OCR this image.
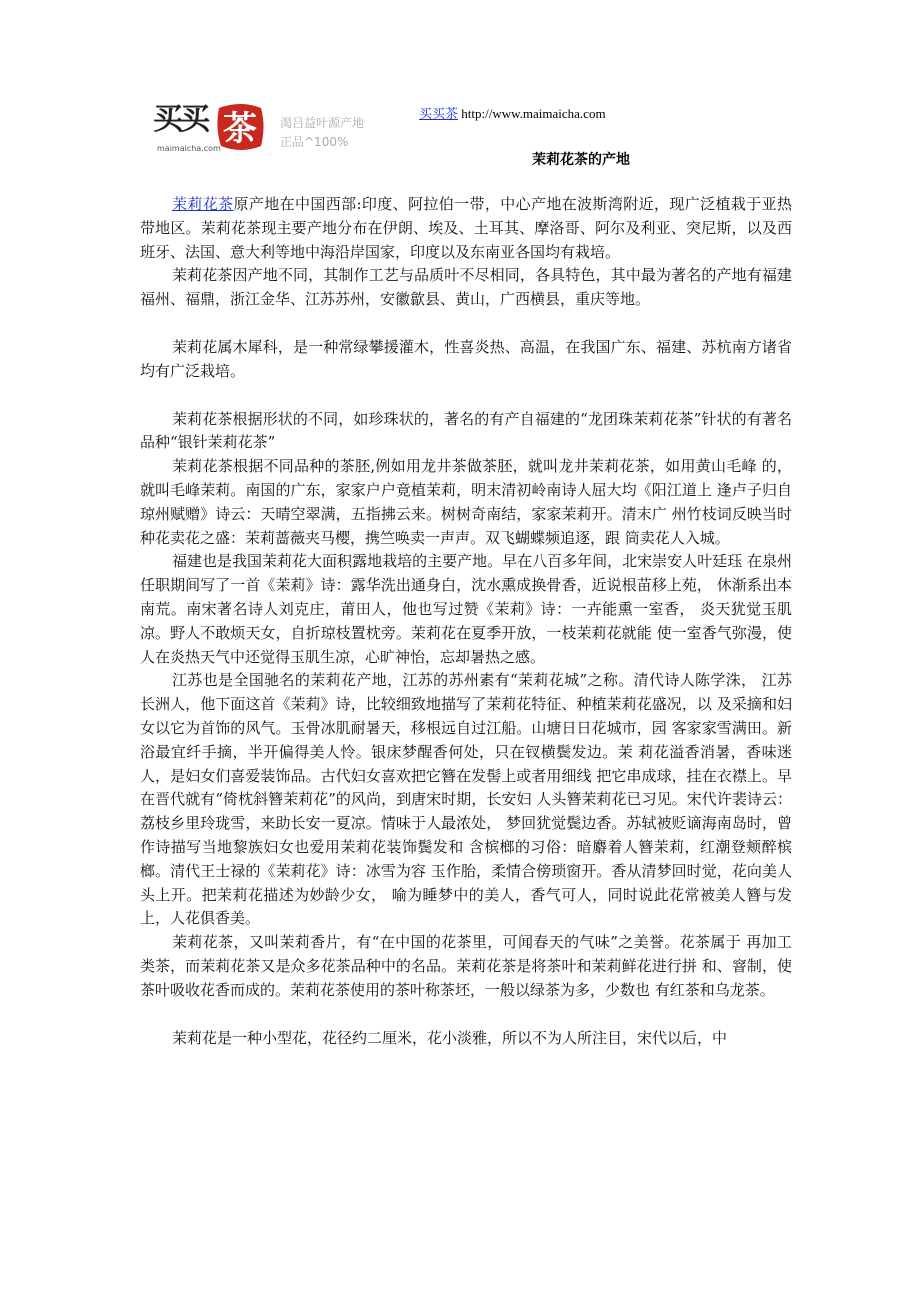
买买 茶
maimaicha.com
渴吕益叶源产地
正品^100%
买买茶 http://www.maimaicha.com
茉莉花茶的产地

茉莉花茶原产地在中国西部:印度、阿拉伯一带，中心产地在波斯湾附近，现广泛植栽于亚热带地区。茉莉花茶现主要产地分布在伊朗、埃及、土耳其、摩洛哥、阿尔及利亚、突尼斯，以及西班牙、法国、意大利等地中海沿岸国家，印度以及东南亚各国均有栽培。

茉莉花茶因产地不同，其制作工艺与品质叶不尽相同，各具特色，其中最为著名的产地有福建福州、福鼎，浙江金华、江苏苏州，安徽歙县、黄山，广西横县，重庆等地。

茉莉花属木犀科，是一种常绿攀援灌木，性喜炎热、高温，在我国广东、福建、苏杭南方诸省均有广泛栽培。

茉莉花茶根据形状的不同，如珍珠状的，著名的有产自福建的“龙团珠茉莉花茶”针状的有著名品种“银针茉莉花茶”

茉莉花茶根据不同品种的茶胚,例如用龙井茶做茶胚，就叫龙井茉莉花茶，如用黄山毛峰 的，就叫毛峰茉莉。南国的广东，家家户户竟植茉莉，明末清初岭南诗人屈大均《阳江道上 逢卢子归自琼州赋赠》诗云：天晴空翠满，五指拂云来。树树奇南结，家家茉莉开。清末广 州竹枝词反映当时种花卖花之盛：茉莉蔷薇夹马樱，携竺唤卖一声声。双飞蝴蝶频追逐，跟 筒卖花人入城。

福建也是我国茉莉花大面积露地栽培的主要产地。早在八百多年间，北宋崇安人叶廷珏 在泉州任职期间写了一首《茉莉》诗：露华洗出通身白，沈水熏成换骨香，近说根苗移上苑， 休渐系出本南荒。南宋著名诗人刘克庄，莆田人，他也写过赞《茉莉》诗：一卉能熏一室香， 炎天犹觉玉肌凉。野人不敢烦天女，自折琼枝置枕旁。茉莉花在夏季开放，一枝茉莉花就能 使一室香气弥漫，使人在炎热天气中还觉得玉肌生凉，心旷神怡，忘却暑热之感。

江苏也是全国驰名的茉莉花产地，江苏的苏州素有“茉莉花城”之称。清代诗人陈学洙， 江苏长洲人，他下面这首《茉莉》诗，比较细致地描写了茉莉花特征、种植茉莉花盛况，以 及采摘和妇女以它为首饰的风气。玉骨冰肌耐暑天，移根远自过江船。山塘日日花城市，园 客家家雪满田。新浴最宜纤手摘，半开偏得美人怜。银床梦醒香何处，只在钗横鬓发边。茉 莉花溢香消暑，香味迷人，是妇女们喜爱装饰品。古代妇女喜欢把它簪在发髻上或者用细线 把它串成球，挂在衣襟上。早在晋代就有“倚枕斜簪茉莉花”的风尚，到唐宋时期，长安妇 人头簪茉莉花已习见。宋代许裴诗云：荔枝乡里玲珑雪，来助长安一夏凉。情味于人最浓处， 梦回犹觉鬓边香。苏轼被贬谪海南岛时，曾作诗描写当地黎族妇女也爱用茉莉花装饰鬓发和 含槟榔的习俗：暗麝着人簪茉莉，红潮登颊醉槟榔。清代王士禄的《茉莉花》诗：冰雪为容 玉作胎，柔情合傍琐窗开。香从清梦回时觉，花向美人头上开。把茉莉花描述为妙龄少女， 喻为睡梦中的美人，香气可人，同时说此花常被美人簪与发上，人花俱香美。

茉莉花茶，又叫茉莉香片，有“在中国的花茶里，可闻春天的气味”之美誉。花茶属于 再加工类茶，而茉莉花茶又是众多花茶品种中的名品。茉莉花茶是将茶叶和茉莉鲜花进行拼 和、窨制，使茶叶吸收花香而成的。茉莉花茶使用的茶叶称茶坯，一般以绿茶为多，少数也 有红茶和乌龙茶。

茉莉花是一种小型花，花径约二厘米，花小淡雅，所以不为人所注目，宋代以后，中
